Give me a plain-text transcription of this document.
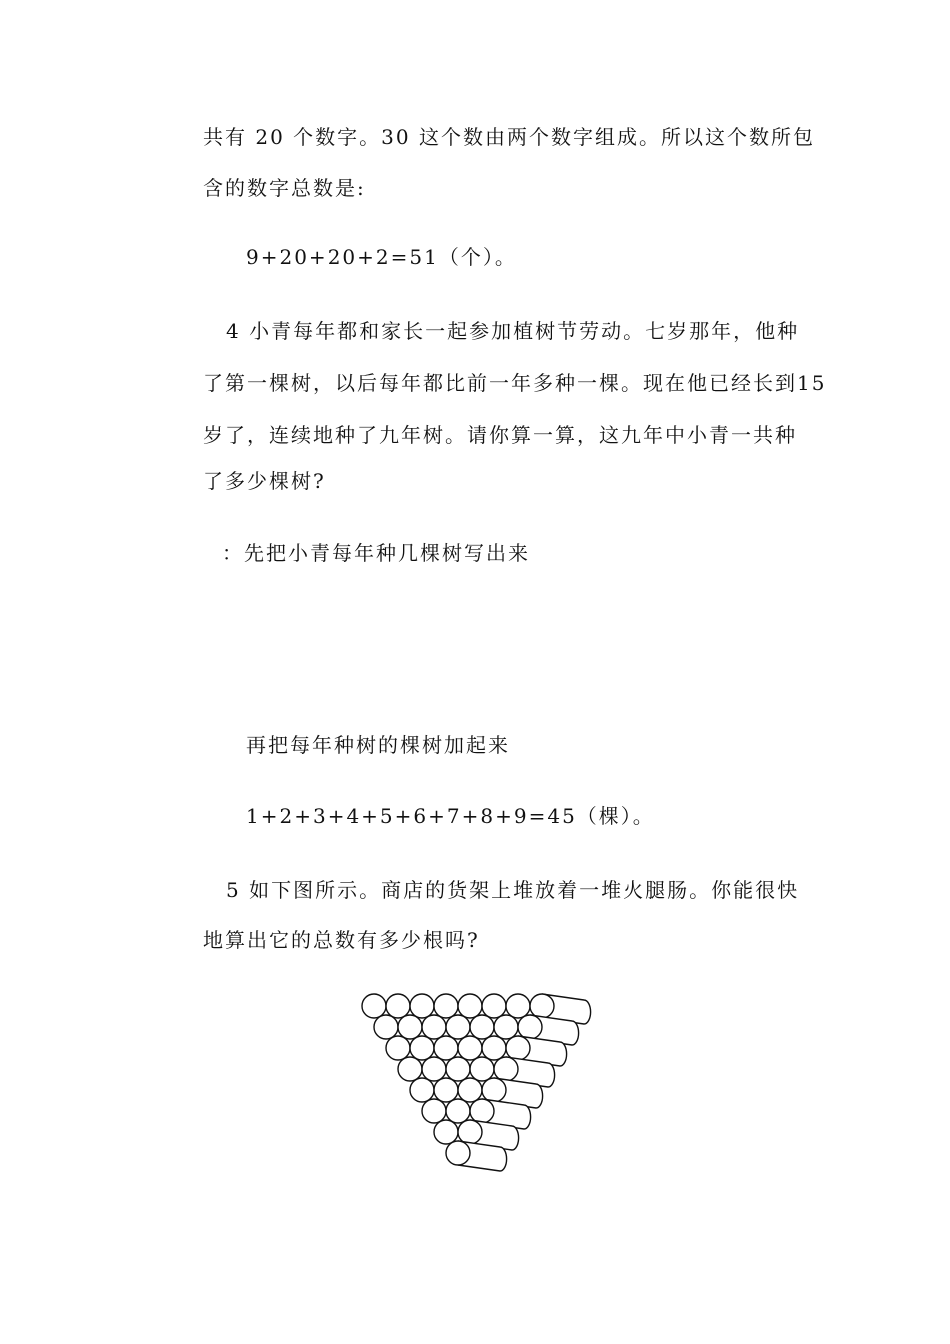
共有 20 个数字。30 这个数由两个数字组成。所以这个数所包
含的数字总数是:
9+20+20+2=51（个）。
4 小青每年都和家长一起参加植树节劳动。七岁那年，他种
了第一棵树，以后每年都比前一年多种一棵。现在他已经长到15
岁了，连续地种了九年树。请你算一算，这九年中小青一共种
了多少棵树?
：先把小青每年种几棵树写出来
再把每年种树的棵树加起来
1+2+3+4+5+6+7+8+9=45（棵）。
5 如下图所示。商店的货架上堆放着一堆火腿肠。你能很快
地算出它的总数有多少根吗?
